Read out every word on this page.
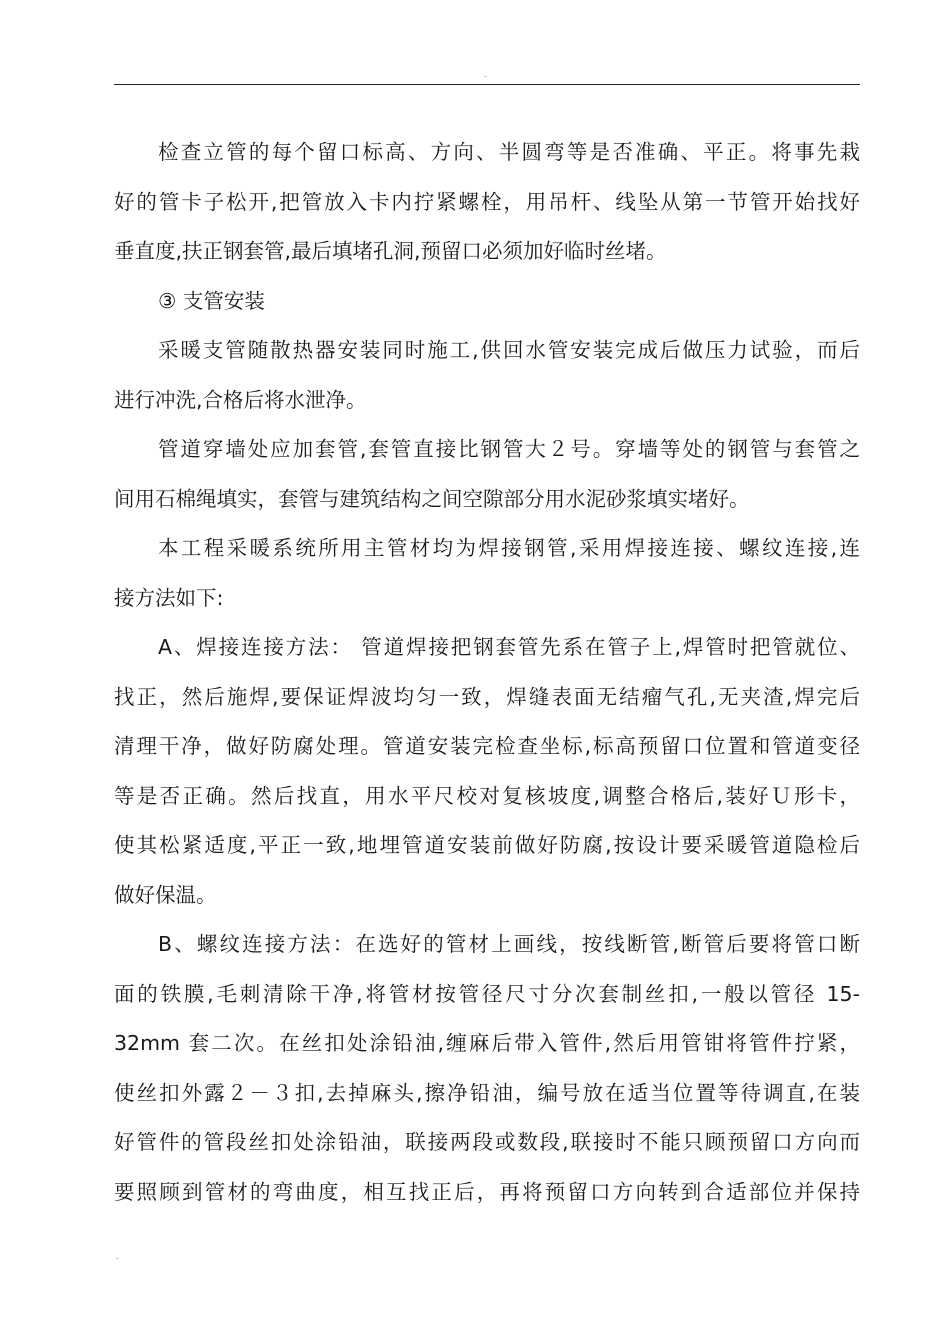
.
检查立管的每个留口标高、方向、半圆弯等是否准确、平正。将事先栽
好的管卡子松开,把管放入卡内拧紧螺栓，用吊杆、线坠从第一节管开始找好
垂直度,扶正钢套管,最后填堵孔洞,预留口必须加好临时丝堵。
③ 支管安装
采暖支管随散热器安装同时施工,供回水管安装完成后做压力试验，而后
进行冲洗,合格后将水泄净。
管道穿墙处应加套管,套管直接比钢管大２号。穿墙等处的钢管与套管之
间用石棉绳填实，套管与建筑结构之间空隙部分用水泥砂浆填实堵好。
本工程采暖系统所用主管材均为焊接钢管,采用焊接连接、螺纹连接,连
接方法如下:
A、焊接连接方法： 管道焊接把钢套管先系在管子上,焊管时把管就位、
找正，然后施焊,要保证焊波均匀一致，焊缝表面无结瘤气孔,无夹渣,焊完后
清理干净，做好防腐处理。管道安装完检查坐标,标高预留口位置和管道变径
等是否正确。然后找直，用水平尺校对复核坡度,调整合格后,装好Ｕ形卡，
使其松紧适度,平正一致,地埋管道安装前做好防腐,按设计要采暖管道隐检后
做好保温。
B、螺纹连接方法：在选好的管材上画线，按线断管,断管后要将管口断
面的铁膜,毛刺清除干净,将管材按管径尺寸分次套制丝扣,一般以管径 15-
32mm 套二次。在丝扣处涂铅油,缠麻后带入管件,然后用管钳将管件拧紧，
使丝扣外露２－３扣,去掉麻头,擦净铅油，编号放在适当位置等待调直,在装
好管件的管段丝扣处涂铅油，联接两段或数段,联接时不能只顾预留口方向而
要照顾到管材的弯曲度，相互找正后，再将预留口方向转到合适部位并保持
.
